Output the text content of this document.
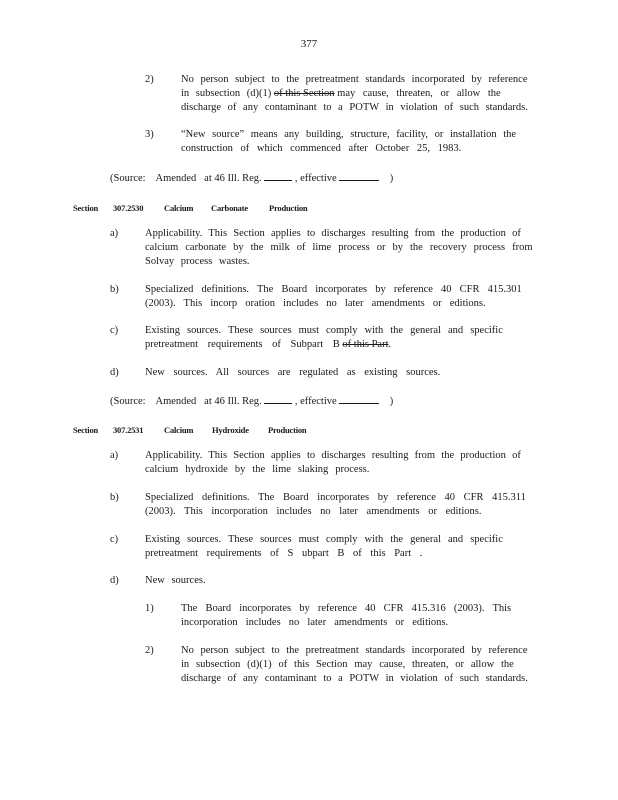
377
2)	No person subject to the pretreatment standards incorporated by reference
in subsection (d)(1) of this Section may cause, threaten, or allow the
discharge of any contaminant to a POTW in violation of such standards.
3)	“New source” means any building, structure, facility, or installation the
construction of which commenced after October 25, 1983.
(Source:    Amended   at 46 Ill. Reg.	, effective	)
Section 307.2530 Calcium Carbonate Production
a)	Applicability. This Section applies to discharges resulting from the production of
calcium carbonate by the milk of lime process or by the recovery process from
Solvay process wastes.
b)	Specialized definitions. The Board incorporates by reference 40 CFR 415.301
(2003). This incorp oration includes no later amendments or editions.
c)	Existing sources. These sources must comply with the general and specific
pretreatment requirements of Subpart B of this Part.
d)	New sources. All sources are regulated as existing sources.
(Source:    Amended   at 46 Ill. Reg.	, effective	)
Section 307.2531 Calcium Hydroxide Production
a)	Applicability. This Section applies to discharges resulting from the production of
calcium hydroxide by the lime slaking process.
b)	Specialized definitions. The Board incorporates by reference 40 CFR 415.311
(2003). This incorporation includes no later amendments or editions.
c)	Existing sources. These sources must comply with the general and specific
pretreatment requirements of S ubpart B of this Part .
d)	New sources.
1)	The Board incorporates by reference 40 CFR 415.316 (2003). This
incorporation includes no later amendments or editions.
2)	No person subject to the pretreatment standards incorporated by reference
in subsection (d)(1) of this Section may cause, threaten, or allow the
discharge of any contaminant to a POTW in violation of such standards.
